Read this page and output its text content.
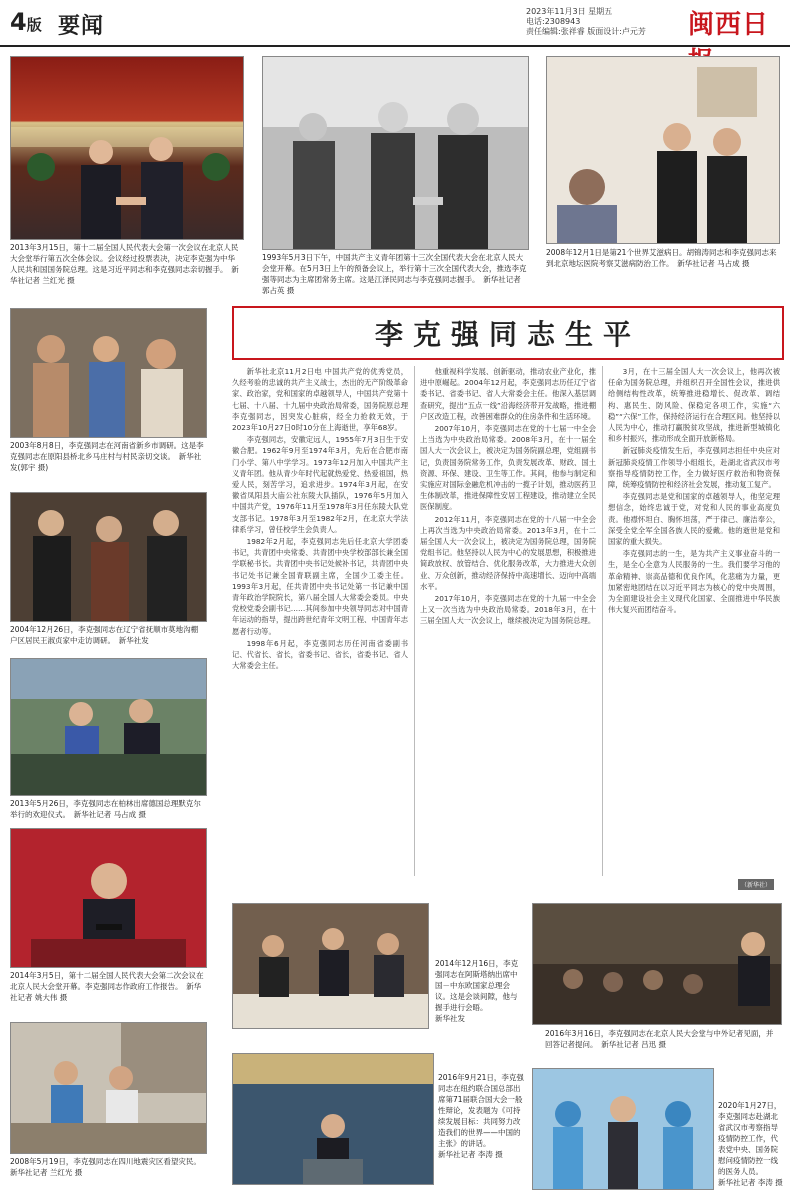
4版 要闻
2023年11月3日 星期五
电话:2308943
责任编辑:张祥睿 版面设计:卢元芳 闽西日
2013年3月15日，第十二届全国人民代表大会第一次会议在北京人民大会堂举行第五次全体会议。会议经过投票表决，决定李克强为中华人民共和国国务院总理。这是习近平同志和李克强同志亲切握手。　 新华社记者 兰红光 摄
1993年5月3日下午，中国共产主义青年团第十三次全国代表大会在北京人民大会堂开幕。在5月3日上午的预备会议上，举行第十三次全国代表大会，推选李克强等同志为主席团常务主席。这是江泽民同志与李克强同志握手。　 新华社记者 郭占英 摄
2008年12月1日是第21个世界艾滋病日。胡锦涛同志和李克强同志来到北京地坛医院考察艾滋病防治工作。　 新华社记者 马占成 摄
李克强同志生平
2003年8月8日，李克强同志在河南省新乡市调研。这是李克强同志在原阳县桥北乡马庄村与村民亲切交谈。　 新华社发(郭宇 摄)
2004年12月26日，李克强同志在辽宁省抚顺市莫地沟棚户区居民王淑贞家中走访调研。　 新华社发
2013年5月26日，李克强同志在柏林出席德国总理默克尔举行的欢迎仪式。　 新华社记者 马占成 摄
2014年3月5日，第十二届全国人民代表大会第二次会议在北京人民大会堂开幕。李克强同志作政府工作报告。　 新华社记者 姚大伟 摄
2008年5月19日，李克强同志在四川地震灾区看望灾民。　新华社记者 兰红光 摄

新华社北京11月2日电 中国共产党的优秀党员，久经考验的忠诚的共产主义战士，杰出的无产阶级革命家、政治家，党和国家的卓越领导人，中国共产党第十七届、十八届、十九届中央政治局常委，国务院原总理李克强同志，因突发心脏病，经全力抢救无效，于2023年10月27日0时10分在上海逝世，享年68岁。

李克强同志，安徽定远人，1955年7月3日生于安徽合肥。1962年9月至1974年3月，先后在合肥市南门小学、第八中学学习。1973年12月加入中国共产主义青年团。他从青少年时代起就热爱党、热爱祖国，热爱人民，刻苦学习，追求进步。1974年3月起，在安徽省凤阳县大庙公社东陵大队插队，1976年5月加入中国共产党，1976年11月至1978年3月任东陵大队党支部书记。1978年3月至1982年2月，在北京大学法律系学习，曾任校学生会负责人。

1982年2月起，李克强同志先后任北京大学团委书记，共青团中央常委、共青团中央学校部部长兼全国学联秘书长。共青团中央书记处候补书记，共青团中央书记处书记兼全国青联副主席，全国少工委主任。1993年3月起，任共青团中央书记处第一书记兼中国青年政治学院院长，第八届全国人大常委会委员。中央党校党委会副书记……其间参加中央领导同志对中国青年运动的指导，提出跨世纪青年文明工程、中国青年志愿者行动等。

1998年6月起，李克强同志历任河南省委副书记、代省长、省长，省委书记、省长，省委书记、省人大常委会主任。

他重视科学发展、创新驱动，推动农业产业化，推进中原崛起。2004年12月起，李克强同志历任辽宁省委书记、省委书记、省人大常委会主任。他深入基层调查研究，提出“五点一线”沿海经济带开发战略，推进棚户区改造工程，改善困难群众的住房条件和生活环境。

2007年10月，李克强同志在党的十七届一中全会上当选为中央政治局常委。2008年3月，在十一届全国人大一次会议上，被决定为国务院副总理，党组副书记，负责国务院常务工作，负责发展改革、财政、国土资源、环保、建设、卫生等工作。其间，他参与制定和实施应对国际金融危机冲击的一揽子计划，推动医药卫生体制改革，推进保障性安居工程建设，推动建立全民医保制度。

2012年11月，李克强同志在党的十八届一中全会上再次当选为中央政治局常委。2013年3月，在十二届全国人大一次会议上，被决定为国务院总理，国务院党组书记。他坚持以人民为中心的发展思想，积极推进简政放权、放管结合、优化服务改革，大力推进大众创业、万众创新，推动经济保持中高速增长、迈向中高端水平。

2017年10月，李克强同志在党的十九届一中全会上又一次当选为中央政治局常委。2018年3月，在十三届全国人大一次会议上，继续被决定为国务院总理。

3月，在十三届全国人大一次会议上，他再次被任命为国务院总理，并组织召开全国性会议，推进供给侧结构性改革，统筹推进稳增长、促改革、调结构、惠民生、防风险、保稳定各项工作，实施“六稳”“六保”工作，保持经济运行在合理区间。他坚持以人民为中心，推动打赢脱贫攻坚战，推进新型城镇化和乡村振兴，推动形成全面开放新格局。

新冠肺炎疫情发生后，李克强同志担任中央应对新冠肺炎疫情工作领导小组组长，赴湖北省武汉市考察指导疫情防控工作，全力做好医疗救治和物资保障，统筹疫情防控和经济社会发展，推动复工复产。

李克强同志是党和国家的卓越领导人，他坚定理想信念，始终忠诚于党，对党和人民的事业高度负责。他襟怀坦白、胸怀坦荡，严于律己、廉洁奉公，深受全党全军全国各族人民的爱戴。他的逝世是党和国家的重大损失。

李克强同志的一生，是为共产主义事业奋斗的一生，是全心全意为人民服务的一生。我们要学习他的革命精神、崇高品德和优良作风，化悲痛为力量，更加紧密地团结在以习近平同志为核心的党中央周围，为全面建设社会主义现代化国家、全面推进中华民族伟大复兴而团结奋斗。

（新华社）
2014年12月16日，李克强同志在阿斯塔纳出席中国－中东欧国家总理会议。这是会谈间隙，他与握手进行会晤。
新华社发
2016年3月16日，李克强同志在北京人民大会堂与中外记者见面，并回答记者提问。　 新华社记者 吕迅 摄
2016年9月21日，李克强同志在纽约联合国总部出席第71届联合国大会一般性辩论，发表题为《可持续发展目标：共同努力改造我们的世界——中国的主张》的讲话。
新华社记者 李涛 摄
2020年1月27日，李克强同志赴湖北省武汉市考察指导疫情防控工作，代表党中央、国务院慰问疫情防控一线的医务人员。
新华社记者 李涛 摄
